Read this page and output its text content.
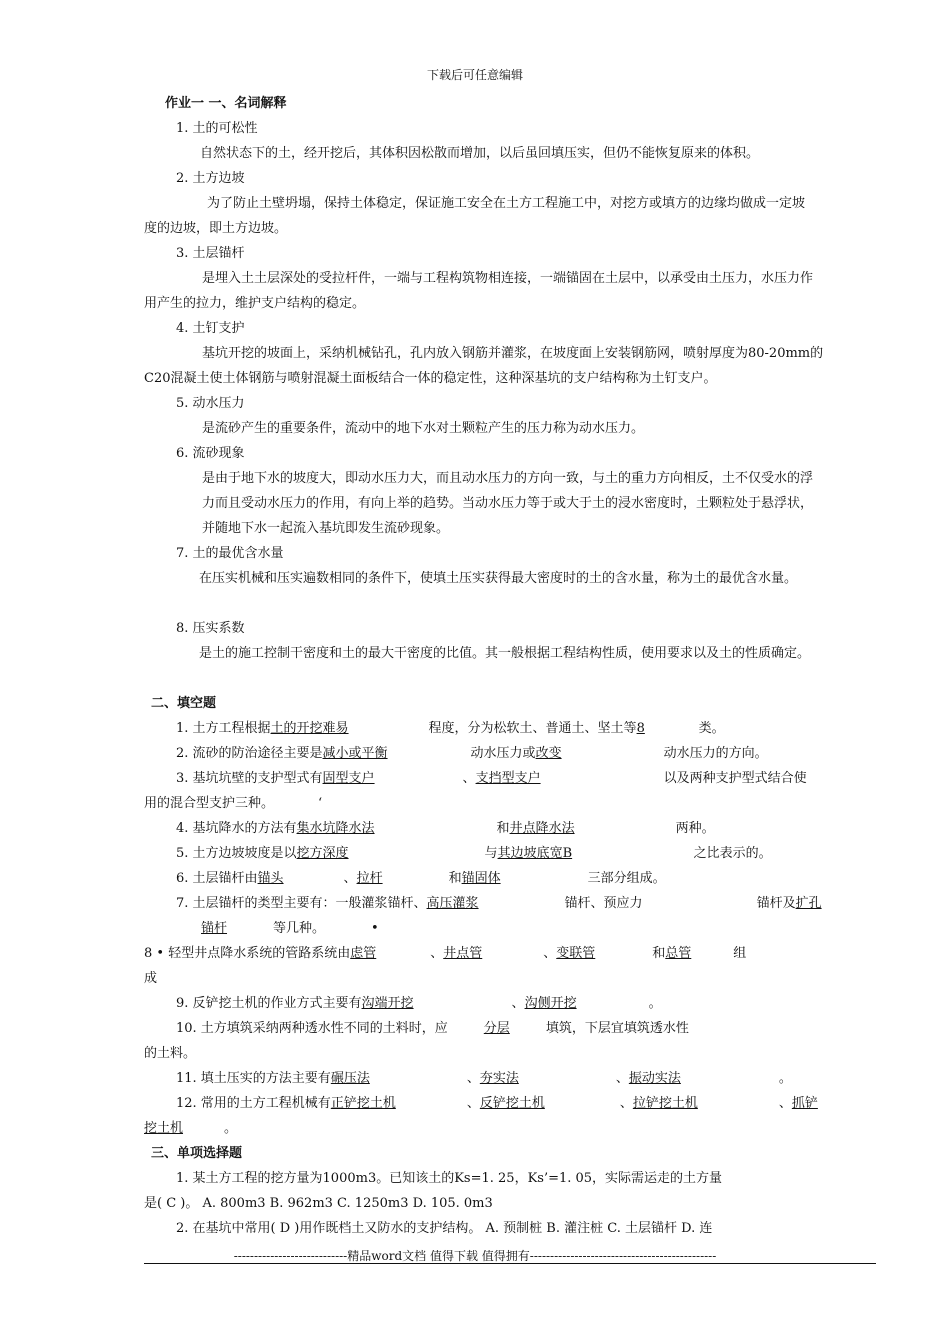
下载后可任意编辑
作业一 一、名词解释
1. 土的可松性
自然状态下的土，经开挖后，其体积因松散而增加，以后虽回填压实，但仍不能恢复原来的体积。
2. 土方边坡
为了防止土壁坍塌，保持土体稳定，保证施工安全在土方工程施工中，对挖方或填方的边缘均做成一定坡
度的边坡，即土方边坡。
3. 土层锚杆
是埋入土土层深处的受拉杆件，一端与工程构筑物相连接，一端锚固在土层中，以承受由土压力，水压力作
用产生的拉力，维护支户结构的稳定。
4. 土钉支护
基坑开挖的坡面上，采纳机械钻孔，孔内放入钢筋并灌浆，在坡度面上安装钢筋网，喷射厚度为80-20mm的
C20混凝土使土体钢筋与喷射混凝土面板结合一体的稳定性，这种深基坑的支户结构称为土钉支户。
5. 动水压力
是流砂产生的重要条件，流动中的地下水对土颗粒产生的压力称为动水压力。
6. 流砂现象
是由于地下水的坡度大，即动水压力大，而且动水压力的方向一致，与土的重力方向相反，土不仅受水的浮
力而且受动水压力的作用，有向上举的趋势。当动水压力等于或大于土的浸水密度时，土颗粒处于悬浮状，
并随地下水一起流入基坑即发生流砂现象。
7. 土的最优含水量
在压实机械和压实遍数相同的条件下，使填土压实获得最大密度时的土的含水量，称为土的最优含水量。
8. 压实系数
是土的施工控制干密度和土的最大干密度的比值。其一般根据工程结构性质，使用要求以及土的性质确定。
二、填空题
1. 土方工程根据土的开挖难易	程度，分为松软土、普通土、坚土等8	类。
2. 流砂的防治途径主要是减小或平衡	动水压力或改变	动水压力的方向。
3. 基坑坑壁的支护型式有固型支户	、支挡型支户	以及两种支护型式结合使
用的混合型支护三种。	‘
4. 基坑降水的方法有集水坑降水法	和井点降水法	两种。
5. 土方边坡坡度是以挖方深度	与其边坡底宽B	之比表示的。
6. 土层锚杆由锚头	、拉杆	和锚固体	三部分组成。
7. 土层锚杆的类型主要有：一般灌浆锚杆、高压灌浆	锚杆、预应力	锚杆及扩孔
锚杆	等几种。	•
8 • 轻型井点降水系统的管路系统由虑管	、井点管	、变联管	和总管	组
成
9. 反铲挖土机的作业方式主要有沟端开挖	、沟侧开挖	。
10. 土方填筑采纳两种透水性不同的土料时，应	分层	填筑，下层宜填筑透水性
的土料。
11. 填土压实的方法主要有碾压法	、夯实法	、振动实法	。
12. 常用的土方工程机械有正铲挖土机	、反铲挖土机	、拉铲挖土机	、抓铲
挖土机	。
三、单项选择题
1. 某土方工程的挖方量为1000m3。已知该土的Ks=1. 25，Ks’=1. 05，实际需运走的土方量
是( C )。 A. 800m3 B. 962m3 C. 1250m3 D. 105. 0m3
2. 在基坑中常用( D )用作既档土又防水的支护结构。 A. 预制桩 B. 灌注桩 C. 土层锚杆 D. 连
----------------------------精品word文档 值得下载 值得拥有----------------------------------------------
